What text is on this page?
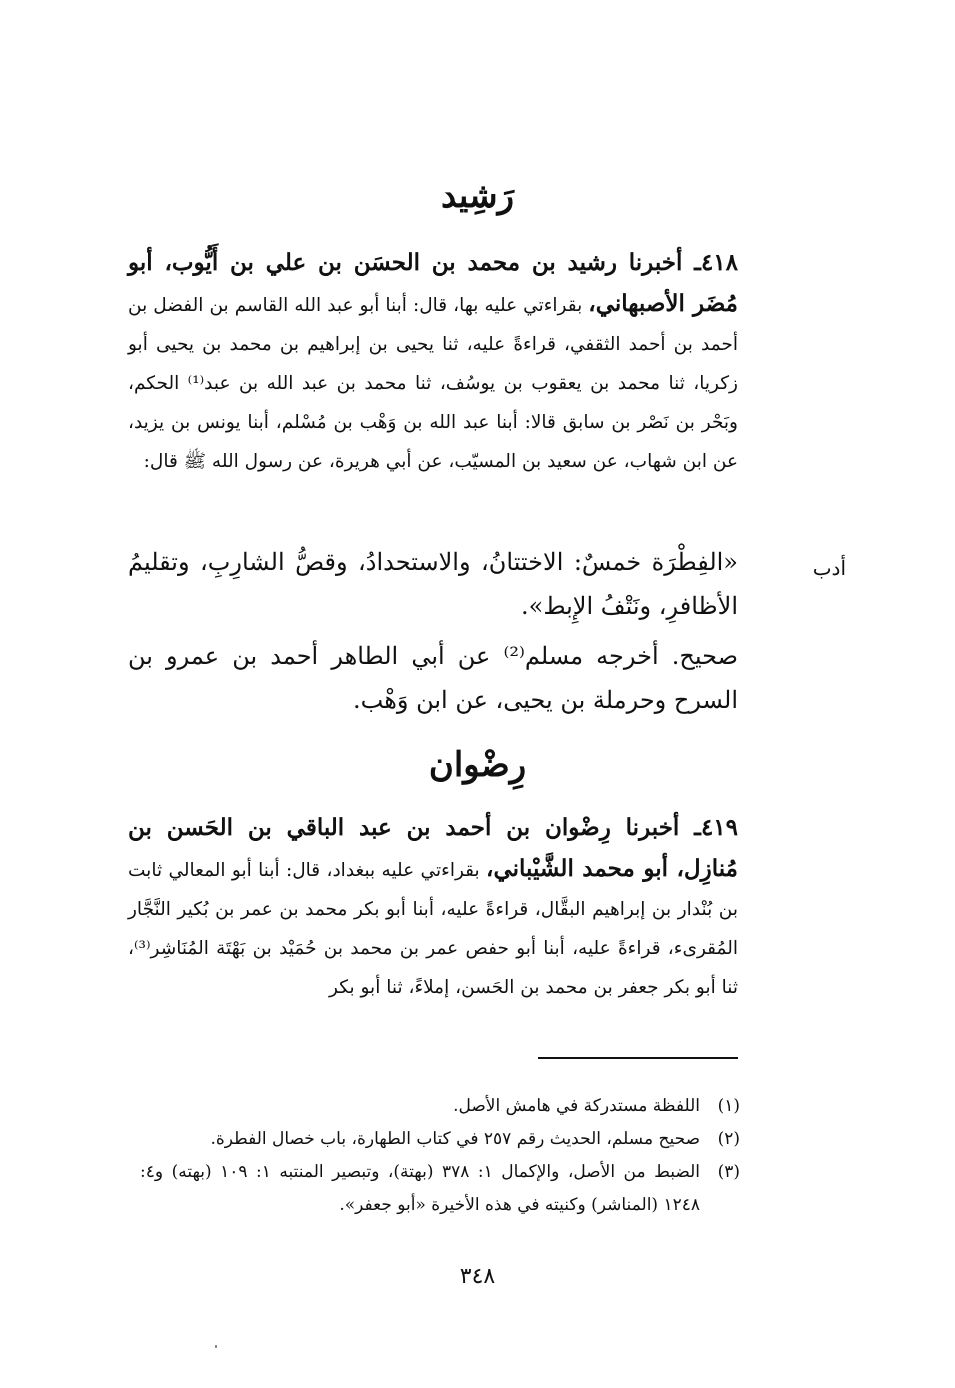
رَشِيد
٤١٨ـ أخبرنا رشيد بن محمد بن الحسَن بن علي بن أَيُّوب، أبو مُضَر الأصبهاني، بقراءتي عليه بها، قال: أبنا أبو عبد الله القاسم بن الفضل بن أحمد بن أحمد الثقفي، قراءةً عليه، ثنا يحيى بن إبراهيم بن محمد بن يحيى أبو زكريا، ثنا محمد بن يعقوب بن يوسُف، ثنا محمد بن عبد الله بن عبد⁽¹⁾ الحكم، وبَحْر بن نَصْر بن سابق قالا: أبنا عبد الله بن وَهْب بن مُسْلم، أبنا يونس بن يزيد، عن ابن شهاب، عن سعيد بن المسيّب، عن أبي هريرة، عن رسول الله ﷺ قال:
أدب
«الفِطْرَة خمسٌ: الاختتانُ، والاستحدادُ، وقصُّ الشارِبِ، وتقليمُ الأظافرِ، ونَتْفُ الإِبط».
صحيح. أخرجه مسلم⁽²⁾ عن أبي الطاهر أحمد بن عمرو بن السرح وحرملة بن يحيى، عن ابن وَهْب.
رِضْوان
٤١٩ـ أخبرنا رِضْوان بن أحمد بن عبد الباقي بن الحَسن بن مُنازِل، أبو محمد الشَّيْباني، بقراءتي عليه ببغداد، قال: أبنا أبو المعالي ثابت بن بُنْدار بن إبراهيم البقَّال، قراءةً عليه، أبنا أبو بكر محمد بن عمر بن بُكير النَّجَّار المُقرىء، قراءةً عليه، أبنا أبو حفص عمر بن محمد بن حُمَيْد بن بَهْتَة المُنَاشِر⁽³⁾، ثنا أبو بكر جعفر بن محمد بن الحَسن، إملاءً، ثنا أبو بكر
(١)
اللفظة مستدركة في هامش الأصل.
(٢)
صحيح مسلم، الحديث رقم ٢٥٧ في كتاب الطهارة، باب خصال الفطرة.
(٣)
الضبط من الأصل، والإكمال ١: ٣٧٨ (بهتة)، وتبصير المنتبه ١: ١٠٩ (بهته) و٤: ١٢٤٨ (المناشر) وكنيته في هذه الأخيرة «أبو جعفر».
٣٤٨
